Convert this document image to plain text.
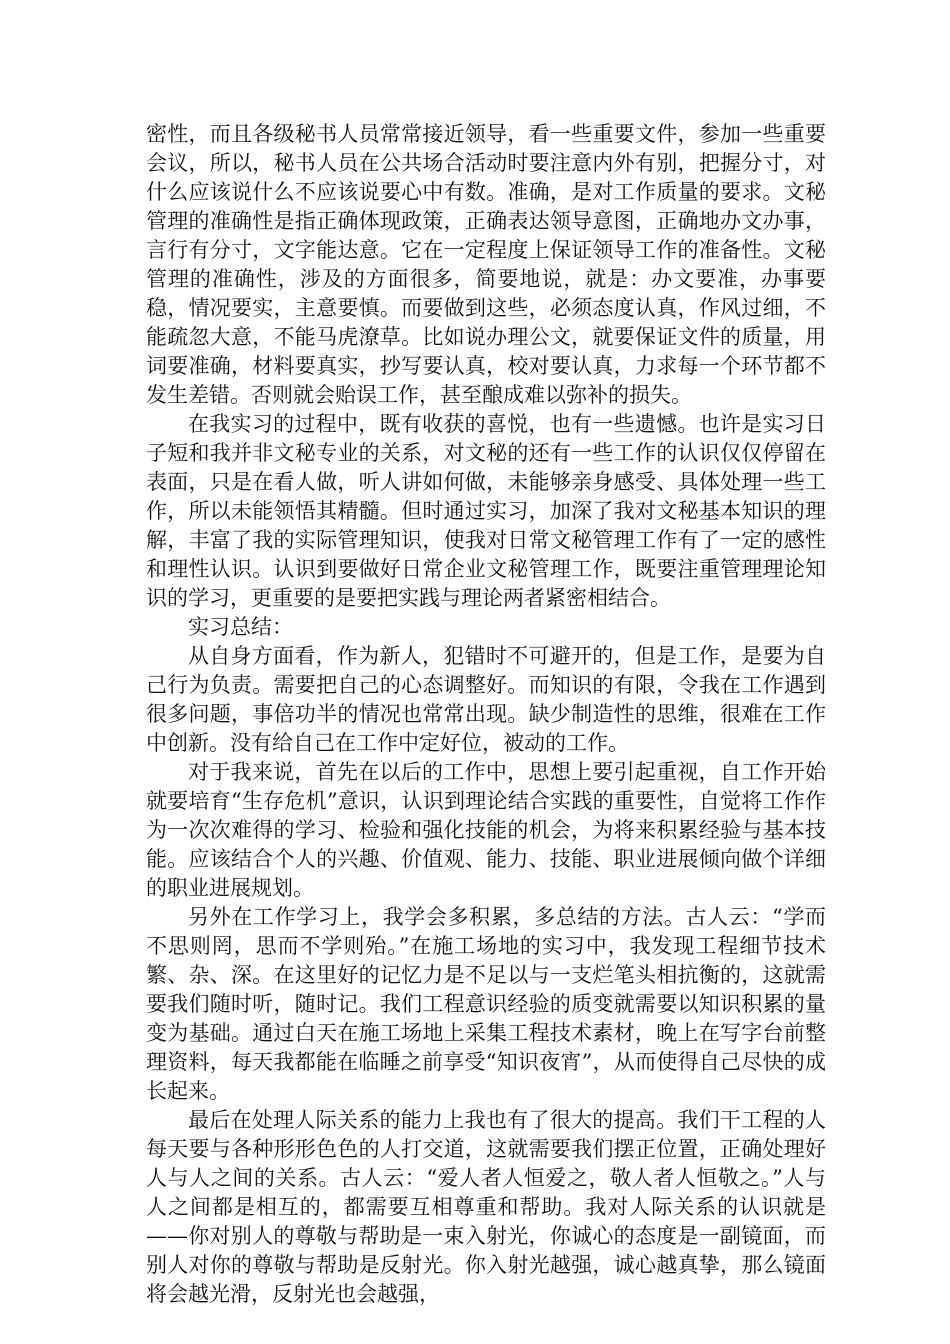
密性，而且各级秘书人员常常接近领导，看一些重要文件，参加一些重要会议，所以，秘书人员在公共场合活动时要注意内外有别，把握分寸，对什么应该说什么不应该说要心中有数。准确，是对工作质量的要求。文秘管理的准确性是指正确体现政策，正确表达领导意图，正确地办文办事，言行有分寸，文字能达意。它在一定程度上保证领导工作的准备性。文秘管理的准确性，涉及的方面很多，简要地说，就是：办文要准，办事要稳，情况要实，主意要慎。而要做到这些，必须态度认真，作风过细，不能疏忽大意，不能马虎潦草。比如说办理公文，就要保证文件的质量，用词要准确，材料要真实，抄写要认真，校对要认真，力求每一个环节都不发生差错。否则就会贻误工作，甚至酿成难以弥补的损失。

在我实习的过程中，既有收获的喜悦，也有一些遗憾。也许是实习日子短和我并非文秘专业的关系，对文秘的还有一些工作的认识仅仅停留在表面，只是在看人做，听人讲如何做，未能够亲身感受、具体处理一些工作，所以未能领悟其精髓。但时通过实习，加深了我对文秘基本知识的理解，丰富了我的实际管理知识，使我对日常文秘管理工作有了一定的感性和理性认识。认识到要做好日常企业文秘管理工作，既要注重管理理论知识的学习，更重要的是要把实践与理论两者紧密相结合。

实习总结：

从自身方面看，作为新人，犯错时不可避开的，但是工作，是要为自己行为负责。需要把自己的心态调整好。而知识的有限，令我在工作遇到很多问题，事倍功半的情况也常常出现。缺少制造性的思维，很难在工作中创新。没有给自己在工作中定好位，被动的工作。

对于我来说，首先在以后的工作中，思想上要引起重视，自工作开始就要培育“生存危机”意识，认识到理论结合实践的重要性，自觉将工作作为一次次难得的学习、检验和强化技能的机会，为将来积累经验与基本技能。应该结合个人的兴趣、价值观、能力、技能、职业进展倾向做个详细的职业进展规划。

另外在工作学习上，我学会多积累，多总结的方法。古人云：“学而不思则罔，思而不学则殆。”在施工场地的实习中，我发现工程细节技术繁、杂、深。在这里好的记忆力是不足以与一支烂笔头相抗衡的，这就需要我们随时听，随时记。我们工程意识经验的质变就需要以知识积累的量变为基础。通过白天在施工场地上采集工程技术素材，晚上在写字台前整理资料，每天我都能在临睡之前享受“知识夜宵”，从而使得自己尽快的成长起来。

最后在处理人际关系的能力上我也有了很大的提高。我们干工程的人每天要与各种形形色色的人打交道，这就需要我们摆正位置，正确处理好人与人之间的关系。古人云：“爱人者人恒爱之，敬人者人恒敬之。”人与人之间都是相互的，都需要互相尊重和帮助。我对人际关系的认识就是——你对别人的尊敬与帮助是一束入射光，你诚心的态度是一副镜面，而别人对你的尊敬与帮助是反射光。你入射光越强，诚心越真挚，那么镜面将会越光滑，反射光也会越强，
